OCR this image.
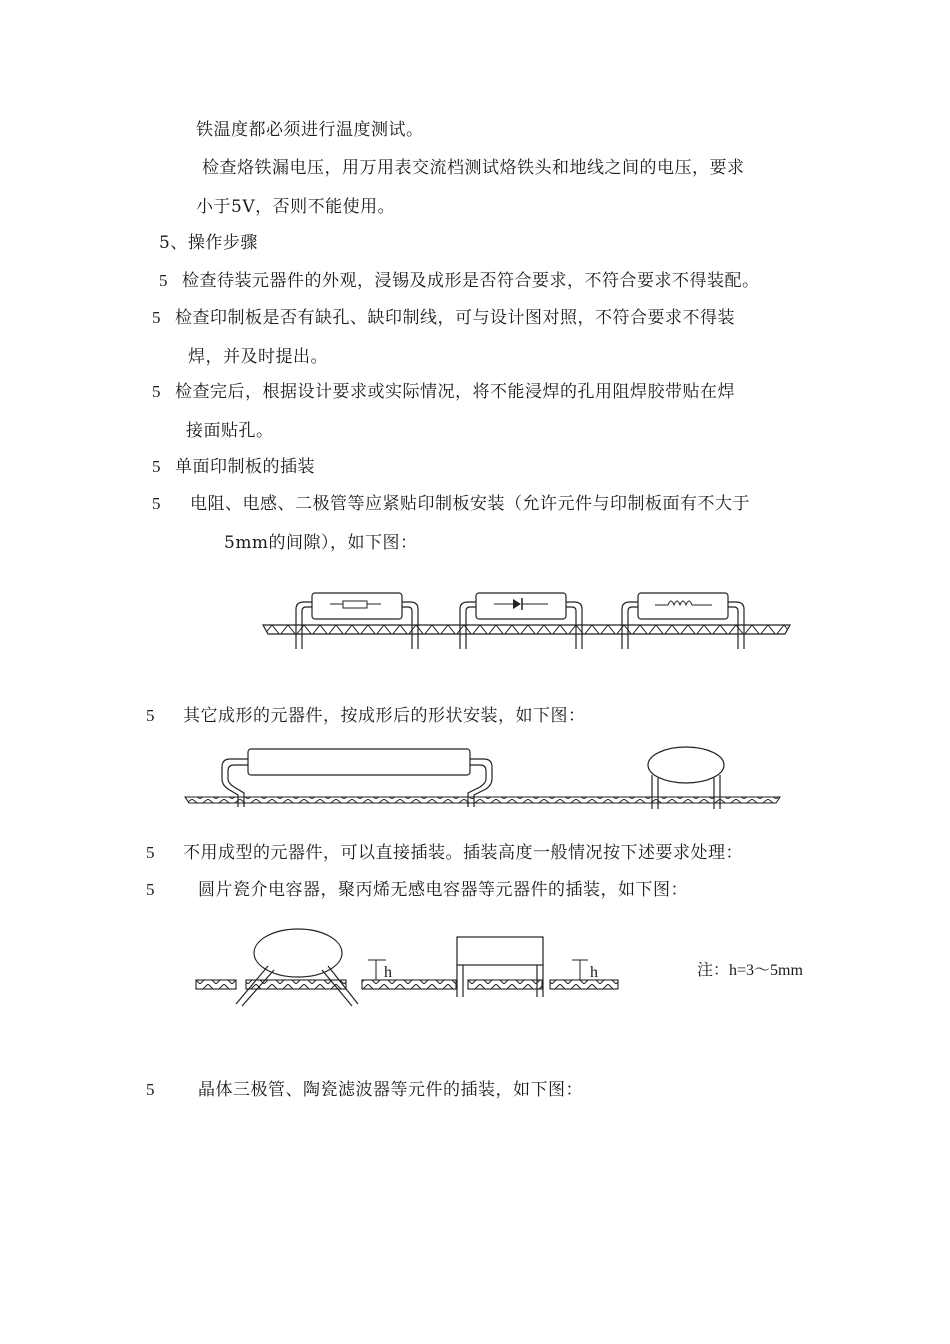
铁温度都必须进行温度测试。
检查烙铁漏电压，用万用表交流档测试烙铁头和地线之间的电压，要求
小于5V，否则不能使用。
5、操作步骤
5 检查待装元器件的外观，浸锡及成形是否符合要求，不符合要求不得装配。
5 检查印制板是否有缺孔、缺印制线，可与设计图对照，不符合要求不得装
焊，并及时提出。
5 检查完后，根据设计要求或实际情况，将不能浸焊的孔用阻焊胶带贴在焊
接面贴孔。
5 单面印制板的插装
5 电阻、电感、二极管等应紧贴印制板安装（允许元件与印制板面有不大于
5mm的间隙），如下图：
5 其它成形的元器件，按成形后的形状安装，如下图：
5 不用成型的元器件，可以直接插装。插装高度一般情况按下述要求处理：
5	圆片瓷介电容器，聚丙烯无感电容器等元器件的插装，如下图：
h	h	注：h=3～5mm
5	晶体三极管、陶瓷滤波器等元件的插装，如下图：
